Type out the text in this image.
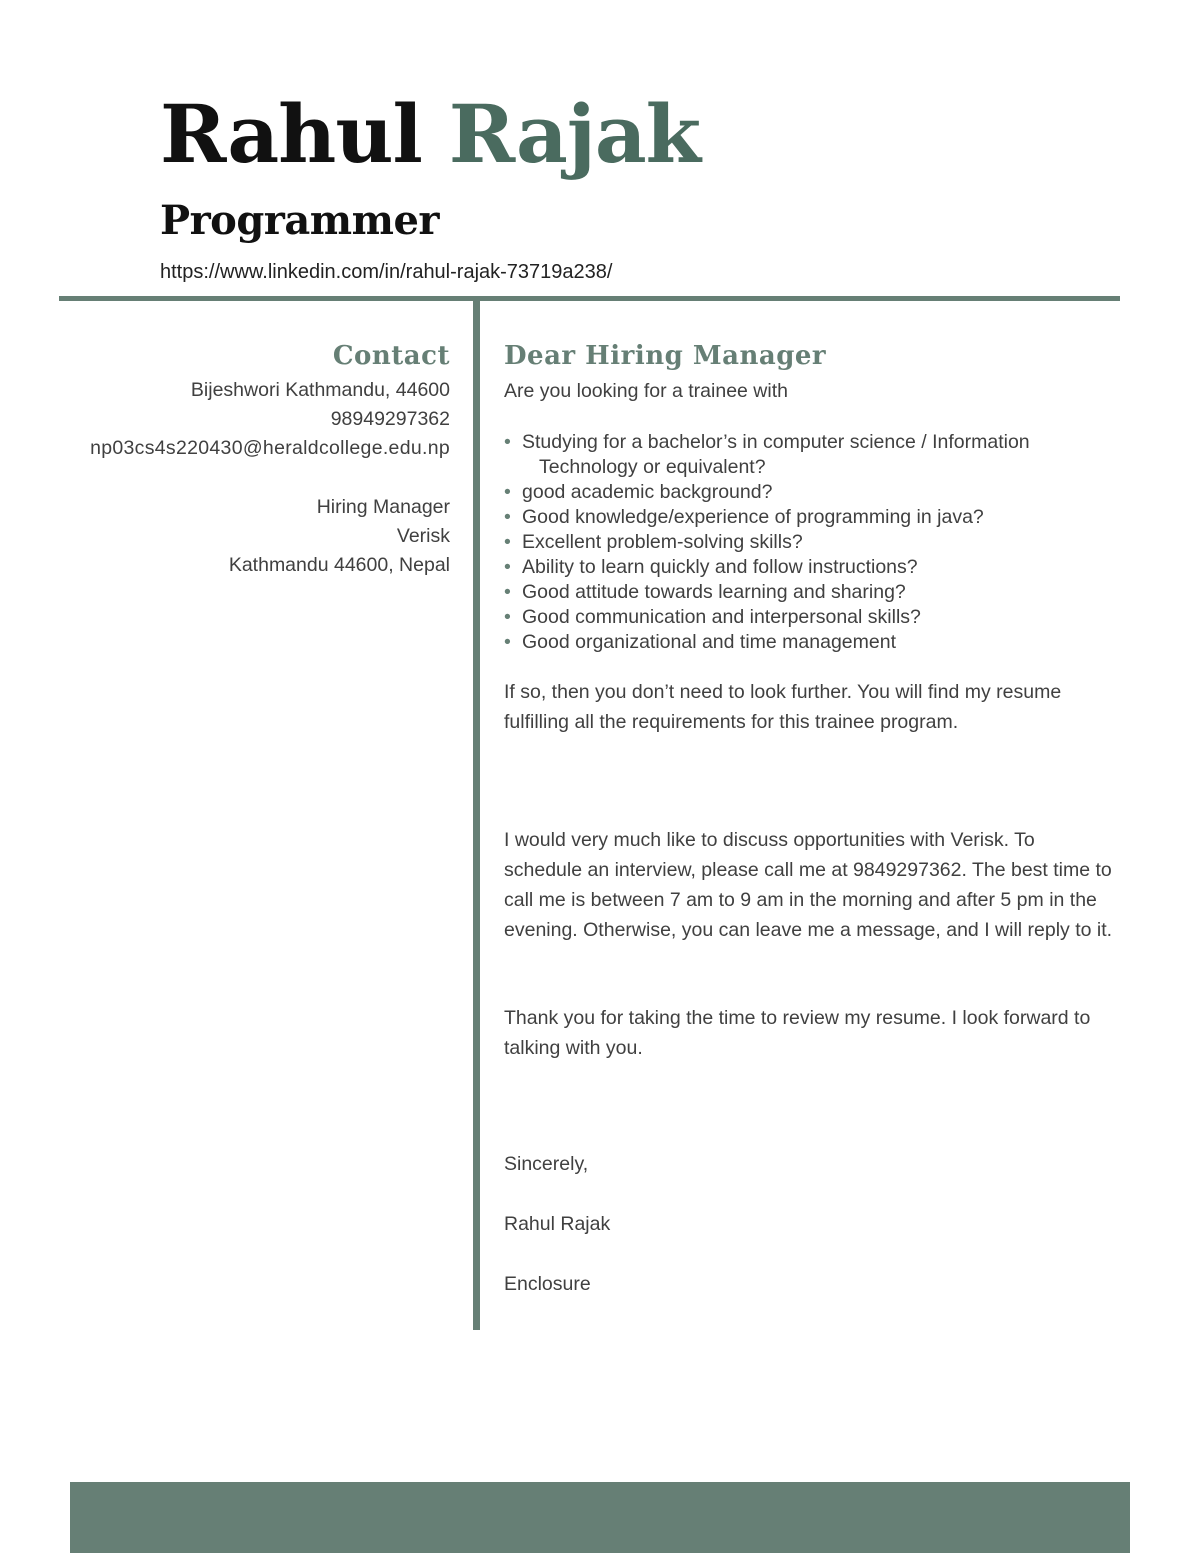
Rahul Rajak
Programmer
https://www.linkedin.com/in/rahul-rajak-73719a238/
Contact

Bijeshwori Kathmandu, 44600

98949297362

np03cs4s220430@heraldcollege.edu.np

Hiring Manager

Verisk

Kathmandu 44600, Nepal

Dear Hiring Manager

Are you looking for a trainee with

• Studying for a bachelor’s in computer science / Information
Technology or equivalent?
• good academic background?
• Good knowledge/experience of programming in java?
• Excellent problem-solving skills?
• Ability to learn quickly and follow instructions?
• Good attitude towards learning and sharing?
• Good communication and interpersonal skills?
• Good organizational and time management

If so, then you don’t need to look further. You will find my resume fulfilling all the requirements for this trainee program.

I would very much like to discuss opportunities with Verisk. To schedule an interview, please call me at 9849297362. The best time to call me is between 7 am to 9 am in the morning and after 5 pm in the evening. Otherwise, you can leave me a message, and I will reply to it.

Thank you for taking the time to review my resume. I look forward to talking with you.

Sincerely,

Rahul Rajak

Enclosure
